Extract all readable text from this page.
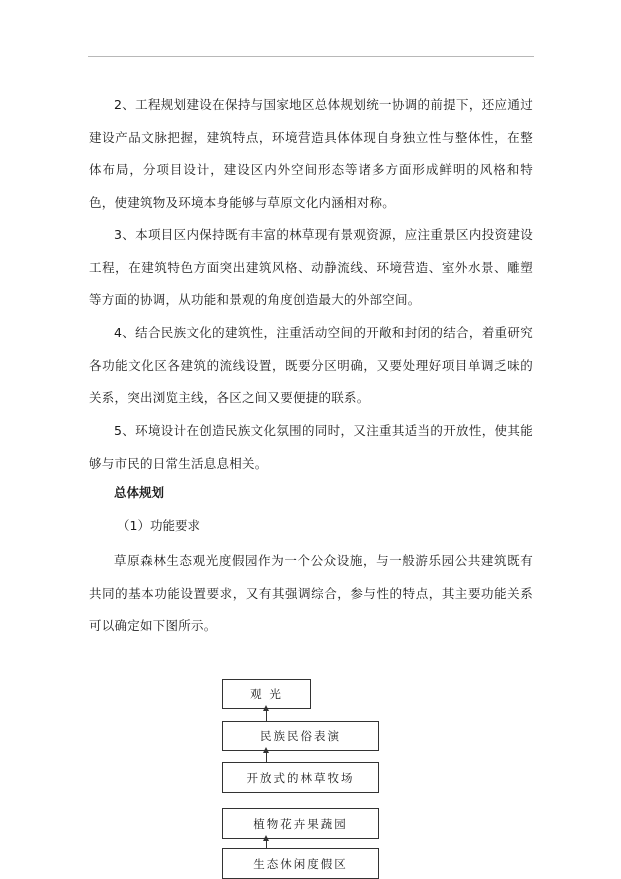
2、工程规划建设在保持与国家地区总体规划统一协调的前提下，还应通过建设产品文脉把握，建筑特点，环境营造具体体现自身独立性与整体性，在整体布局，分项目设计，建设区内外空间形态等诸多方面形成鲜明的风格和特色，使建筑物及环境本身能够与草原文化内涵相对称。

3、本项目区内保持既有丰富的林草现有景观资源，应注重景区内投资建设工程，在建筑特色方面突出建筑风格、动静流线、环境营造、室外水景、雕塑等方面的协调，从功能和景观的角度创造最大的外部空间。

4、结合民族文化的建筑性，注重活动空间的开敞和封闭的结合，着重研究各功能文化区各建筑的流线设置，既要分区明确，又要处理好项目单调乏味的关系，突出浏览主线，各区之间又要便捷的联系。

5、环境设计在创造民族文化氛围的同时，又注重其适当的开放性，使其能够与市民的日常生活息息相关。

总体规划

（1）功能要求

草原森林生态观光度假园作为一个公众设施，与一般游乐园公共建筑既有共同的基本功能设置要求，又有其强调综合，参与性的特点，其主要功能关系可以确定如下图所示。

观 光
民族民俗表演
开放式的林草牧场
植物花卉果蔬园
生态休闲度假区
